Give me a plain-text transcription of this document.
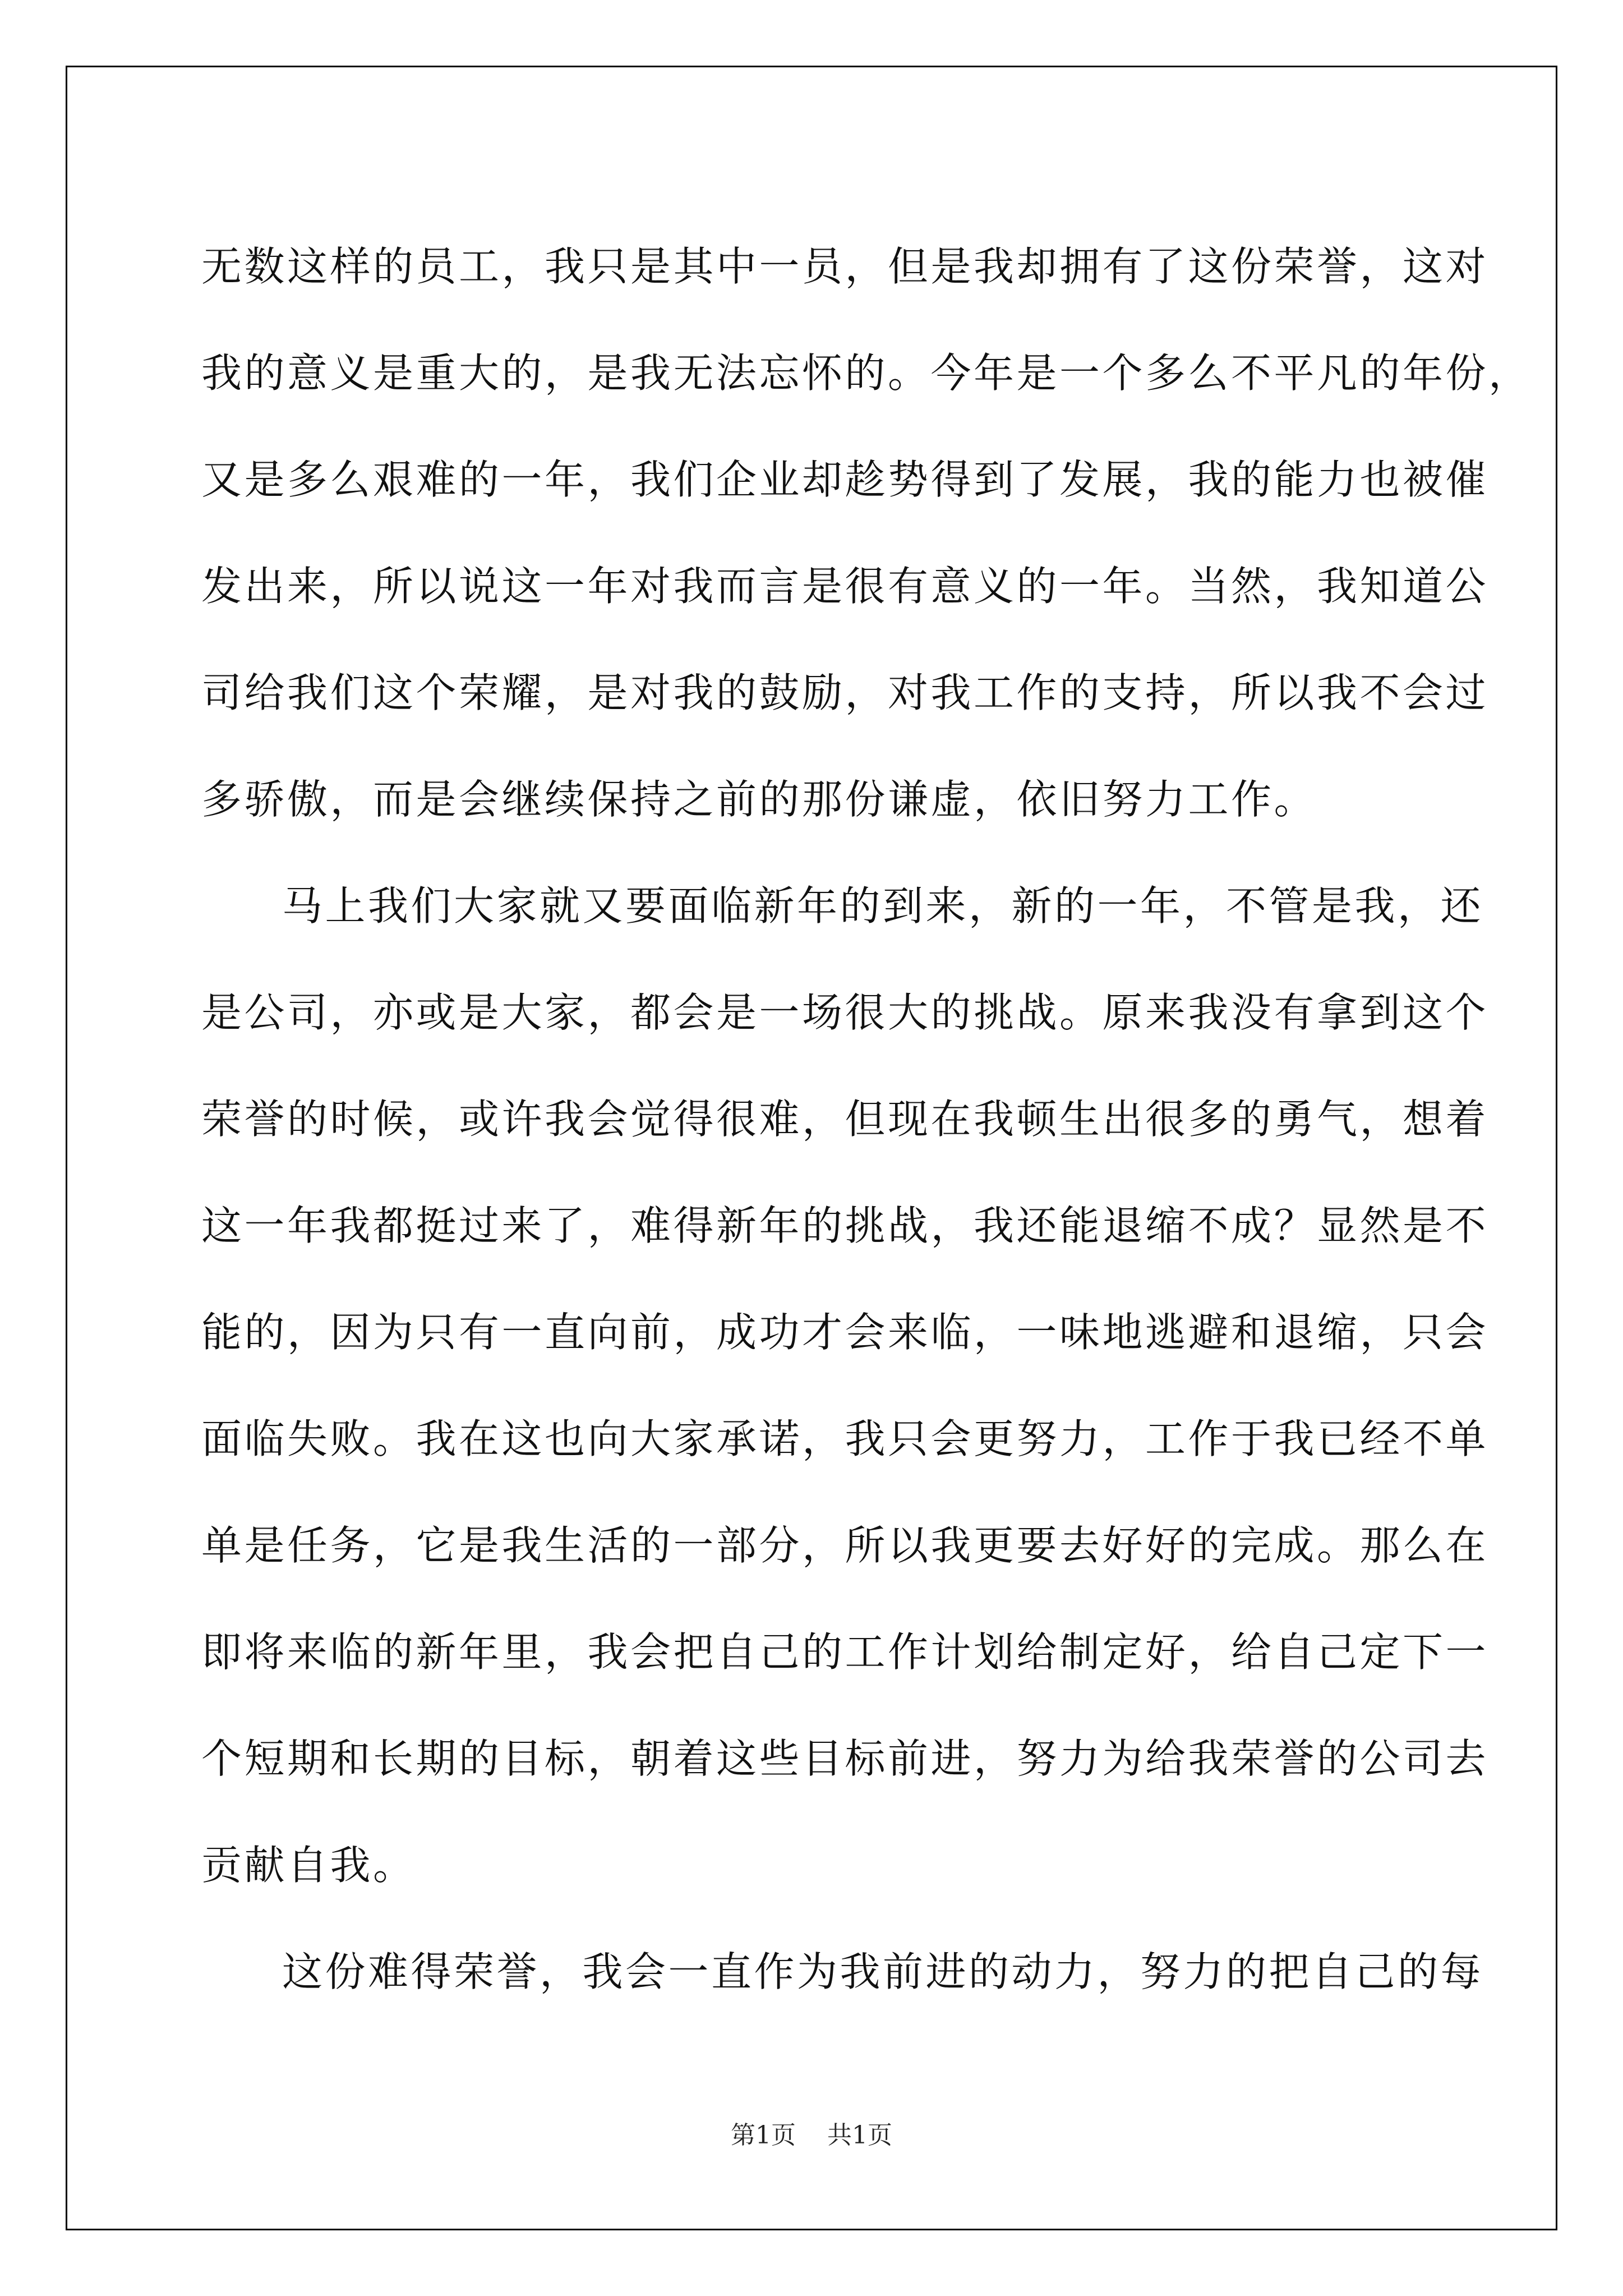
无数这样的员工，我只是其中一员，但是我却拥有了这份荣誉，这对
我的意义是重大的，是我无法忘怀的。今年是一个多么不平凡的年份，
又是多么艰难的一年，我们企业却趁势得到了发展，我的能力也被催
发出来，所以说这一年对我而言是很有意义的一年。当然，我知道公
司给我们这个荣耀，是对我的鼓励，对我工作的支持，所以我不会过
多骄傲，而是会继续保持之前的那份谦虚，依旧努力工作。
马上我们大家就又要面临新年的到来，新的一年，不管是我，还
是公司，亦或是大家，都会是一场很大的挑战。原来我没有拿到这个
荣誉的时候，或许我会觉得很难，但现在我顿生出很多的勇气，想着
这一年我都挺过来了，难得新年的挑战，我还能退缩不成？显然是不
能的，因为只有一直向前，成功才会来临，一味地逃避和退缩，只会
面临失败。我在这也向大家承诺，我只会更努力，工作于我已经不单
单是任务，它是我生活的一部分，所以我更要去好好的完成。那么在
即将来临的新年里，我会把自己的工作计划给制定好，给自己定下一
个短期和长期的目标，朝着这些目标前进，努力为给我荣誉的公司去
贡献自我。
这份难得荣誉，我会一直作为我前进的动力，努力的把自己的每
第1页 共1页
